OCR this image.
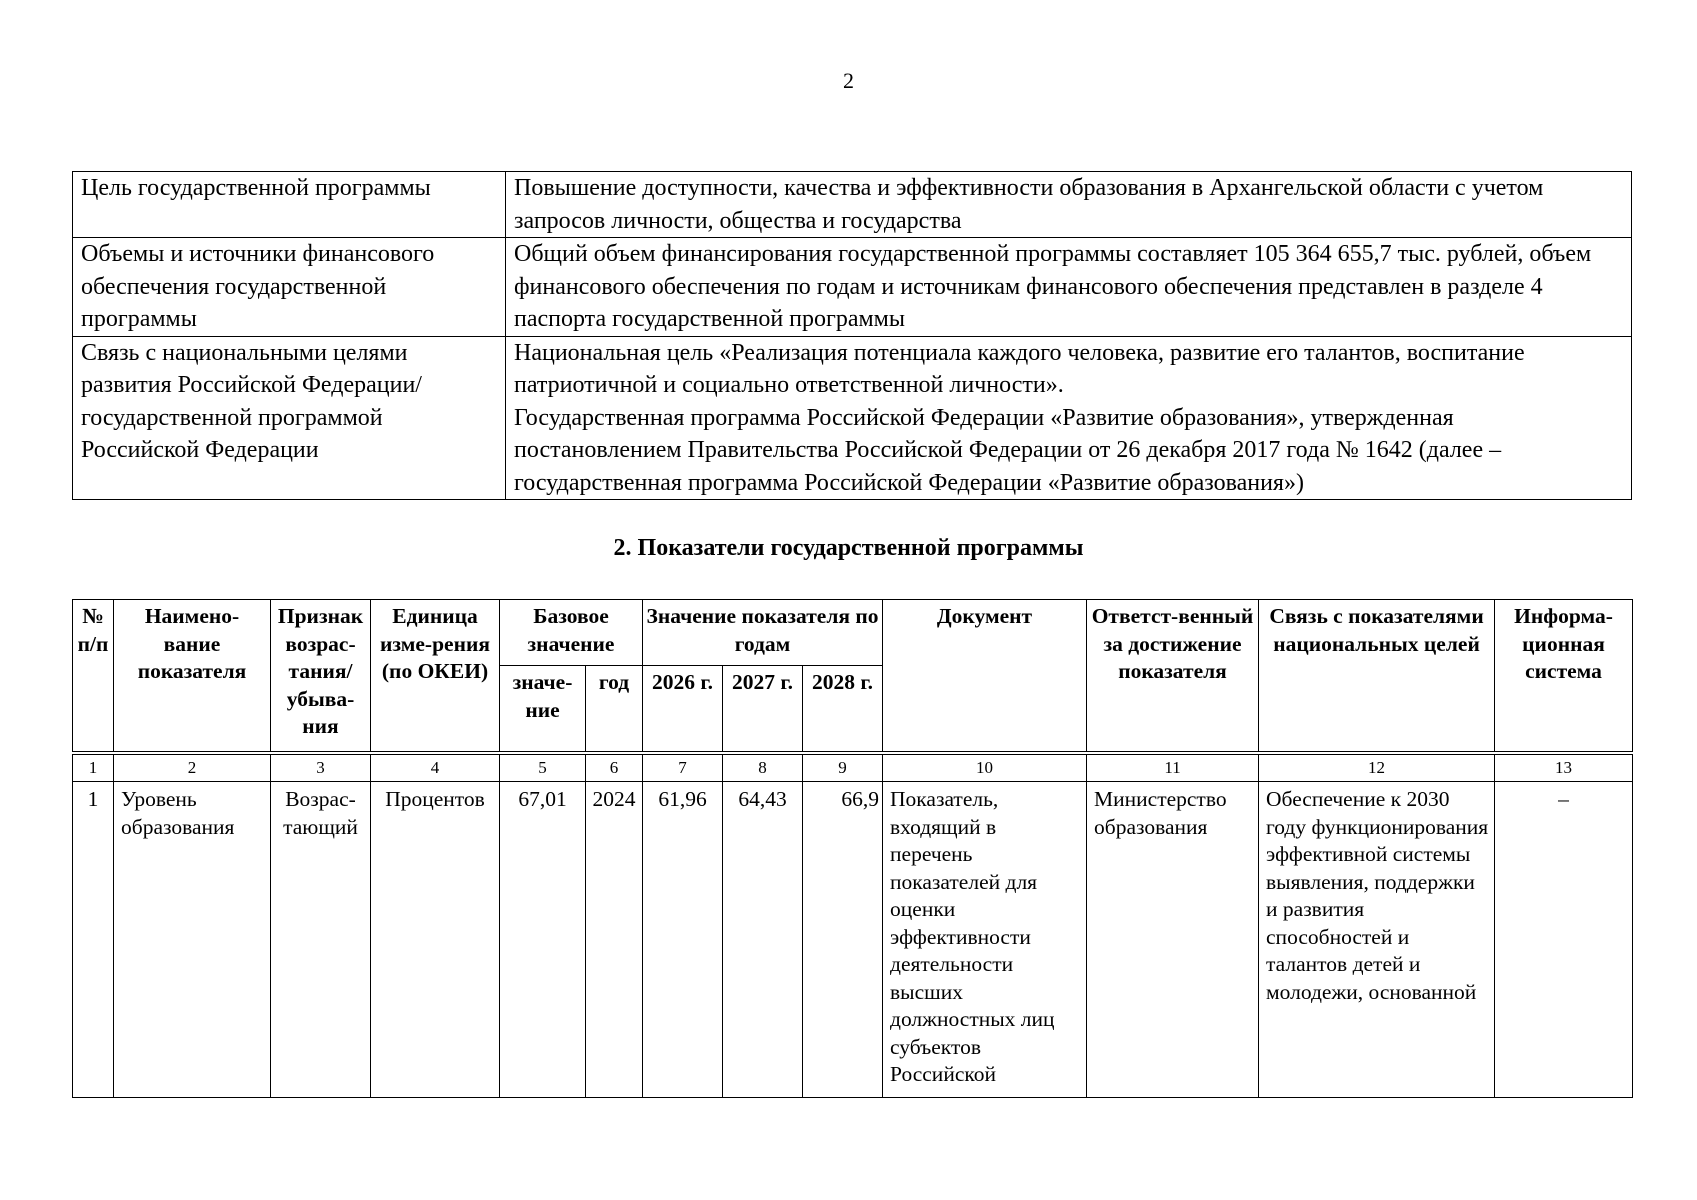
2
Цель государственной программы	Повышение доступности, качества и эффективности образования в Архангельской области с учетом запросов личности, общества и государства
Объемы и источники финансового обеспечения государственной программы	Общий объем финансирования государственной программы составляет 105 364 655,7 тыс. рублей, объем финансового обеспечения по годам и источникам финансового обеспечения представлен в разделе 4 паспорта государственной программы
Связь с национальными целями развития Российской Федерации/ государственной программой Российской Федерации	Национальная цель «Реализация потенциала каждого человека, развитие его талантов, воспитание патриотичной и социально ответственной личности».
Государственная программа Российской Федерации «Развитие образования», утвержденная постановлением Правительства Российской Федерации от 26 декабря 2017 года № 1642 (далее – государственная программа Российской Федерации «Развитие образования»)
2. Показатели государственной программы
№ п/п	Наимено-вание показателя	Признак возрас-тания/ убыва-ния	Единица изме-рения (по ОКЕИ)	Базовое значение		Значение показателя по годам			Документ	Ответст-венный за достижение показателя	Связь с показателями национальных целей	Информа-ционная система
				значе-ние	год	2026 г.	2027 г.	2028 г.				
1	2	3	4	5	6	7	8	9	10	11	12	13
1	Уровень образования	Возрас-тающий	Процентов	67,01	2024	61,96	64,43	66,9	Показатель, входящий в перечень показателей для оценки эффективности деятельности высших должностных лиц субъектов Российской	Министерство образования	Обеспечение к 2030 году функционирования эффективной системы выявления, поддержки и развития способностей и талантов детей и молодежи, основанной	–
